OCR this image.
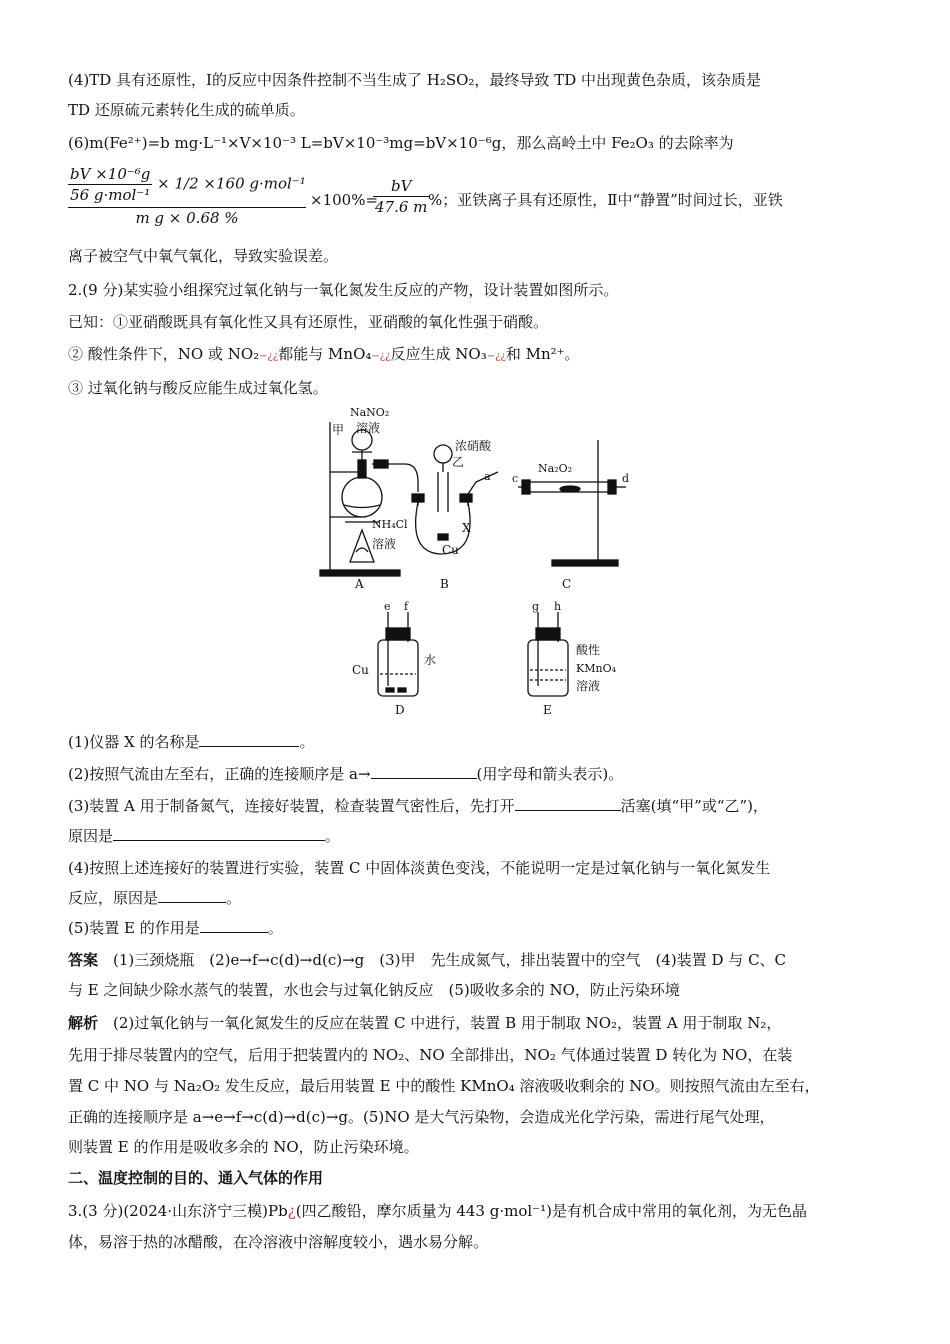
(4)TD 具有还原性，Ⅰ的反应中因条件控制不当生成了 H₂SO₂，最终导致 TD 中出现黄色杂质，该杂质是
TD 还原硫元素转化生成的硫单质。
(6)m(Fe²⁺)=b mg·L⁻¹×V×10⁻³ L=bV×10⁻³mg=bV×10⁻⁶g，那么高岭土中 Fe₂O₃ 的去除率为
$\frac{\text{bV ×10⁻⁶g}}{\text{56 g·mol⁻¹}} \times 1/2 \times 160$ g·mol⁻¹
m g × 0.68 %
×100%=
$\frac{bV}{47.6 m}$
%；亚铁离子具有还原性，Ⅱ中“静置”时间过长，亚铁
离子被空气中氧气氧化，导致实验误差。
2.(9 分)某实验小组探究过氧化钠与一氧化氮发生反应的产物，设计装置如图所示。
已知：①亚硝酸既具有氧化性又具有还原性，亚硝酸的氧化性强于硝酸。
② 酸性条件下，NO 或 NO₂−¿¿都能与 MnO₄−¿¿反应生成 NO₃−¿¿和 Mn²⁺。
③ 过氧化钠与酸反应能生成过氧化氢。
NaNO₂
溶液
甲
NH₄Cl
溶液
A
浓硝酸
乙
a
X
Cu
B
Na₂O₂
c	d
C
e f
Cu
水
D
g h
酸性
KMnO₄
溶液
E
(1)仪器 X 的名称是	。
(2)按照气流由左至右，正确的连接顺序是 a→	(用字母和箭头表示)。
(3)装置 A 用于制备氮气，连接好装置，检查装置气密性后，先打开	活塞(填“甲”或“乙”)，
原因是	。
(4)按照上述连接好的装置进行实验，装置 C 中固体淡黄色变浅，不能说明一定是过氧化钠与一氧化氮发生
反应，原因是	。
(5)装置 E 的作用是	。
答案　 (1)三颈烧瓶　(2)e→f→c(d)→d(c)→g　(3)甲　先生成氮气，排出装置中的空气　(4)装置 D 与 C、C
与 E 之间缺少除水蒸气的装置，水也会与过氧化钠反应　(5)吸收多余的 NO，防止污染环境
解析　 (2)过氧化钠与一氧化氮发生的反应在装置 C 中进行，装置 B 用于制取 NO₂，装置 A 用于制取 N₂，
先用于排尽装置内的空气，后用于把装置内的 NO₂、NO 全部排出，NO₂ 气体通过装置 D 转化为 NO，在装
置 C 中 NO 与 Na₂O₂ 发生反应，最后用装置 E 中的酸性 KMnO₄ 溶液吸收剩余的 NO。则按照气流由左至右，
正确的连接顺序是 a→e→f→c(d)→d(c)→g。(5)NO 是大气污染物，会造成光化学污染，需进行尾气处理，
则装置 E 的作用是吸收多余的 NO，防止污染环境。
二、温度控制的目的、通入气体的作用
3.(3 分)(2024·山东济宁三模)Pb¿(四乙酸铅，摩尔质量为 443 g·mol⁻¹)是有机合成中常用的氧化剂，为无色晶
体，易溶于热的冰醋酸，在冷溶液中溶解度较小，遇水易分解。
